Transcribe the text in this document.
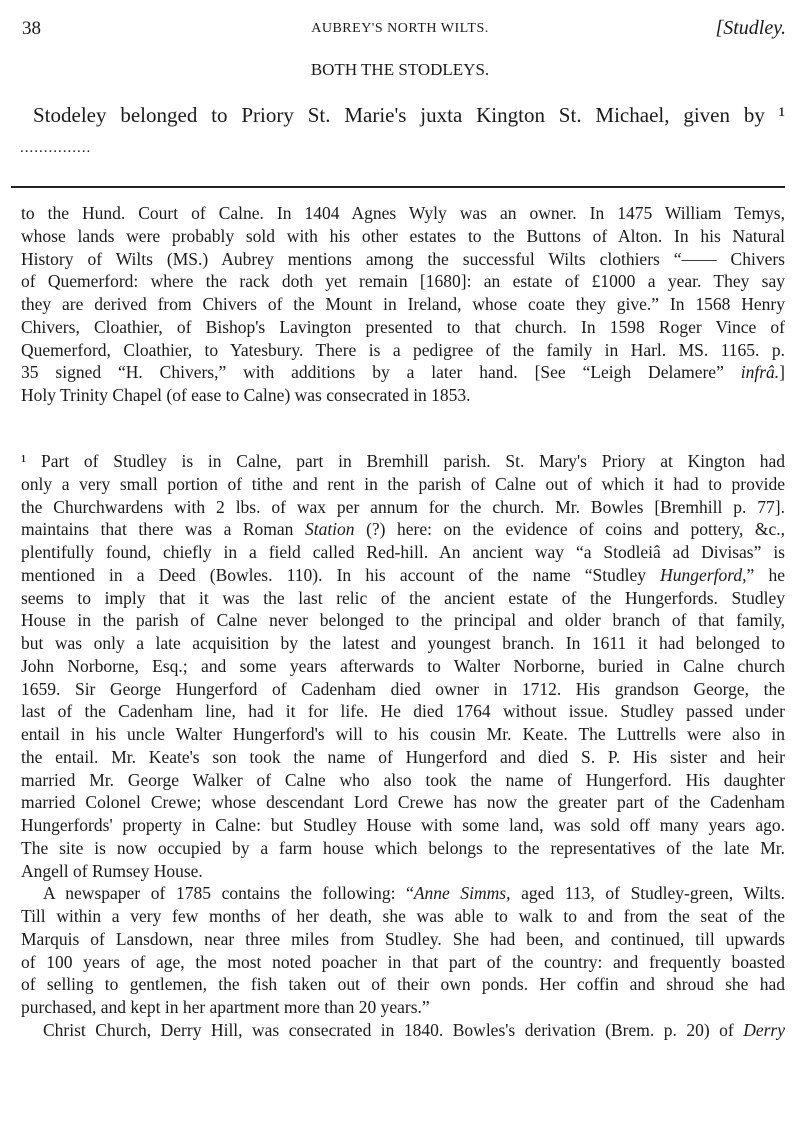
38	AUBREY'S NORTH WILTS.	[Studley.
BOTH THE STODLEYS.
Stodeley belonged to Priory St. Marie's juxta Kington St. Michael, given by ¹
...............
to the Hund. Court of Calne. In 1404 Agnes Wyly was an owner. In 1475 William Temys,
whose lands were probably sold with his other estates to the Buttons of Alton. In his Natural
History of Wilts (MS.) Aubrey mentions among the successful Wilts clothiers “—— Chivers
of Quemerford: where the rack doth yet remain [1680]: an estate of £1000 a year. They say
they are derived from Chivers of the Mount in Ireland, whose coate they give.” In 1568 Henry
Chivers, Cloathier, of Bishop's Lavington presented to that church. In 1598 Roger Vince of
Quemerford, Cloathier, to Yatesbury. There is a pedigree of the family in Harl. MS. 1165. p.
35 signed “H. Chivers,” with additions by a later hand. [See “Leigh Delamere” infrâ.]
Holy Trinity Chapel (of ease to Calne) was consecrated in 1853.
¹ Part of Studley is in Calne, part in Bremhill parish. St. Mary's Priory at Kington had
only a very small portion of tithe and rent in the parish of Calne out of which it had to provide
the Churchwardens with 2 lbs. of wax per annum for the church. Mr. Bowles [Bremhill p. 77].
maintains that there was a Roman Station (?) here: on the evidence of coins and pottery, &c.,
plentifully found, chiefly in a field called Red-hill. An ancient way “a Stodleiâ ad Divisas” is
mentioned in a Deed (Bowles. 110). In his account of the name “Studley Hungerford,” he
seems to imply that it was the last relic of the ancient estate of the Hungerfords. Studley
House in the parish of Calne never belonged to the principal and older branch of that family,
but was only a late acquisition by the latest and youngest branch. In 1611 it had belonged to
John Norborne, Esq.; and some years afterwards to Walter Norborne, buried in Calne church
1659. Sir George Hungerford of Cadenham died owner in 1712. His grandson George, the
last of the Cadenham line, had it for life. He died 1764 without issue. Studley passed under
entail in his uncle Walter Hungerford's will to his cousin Mr. Keate. The Luttrells were also in
the entail. Mr. Keate's son took the name of Hungerford and died S. P. His sister and heir
married Mr. George Walker of Calne who also took the name of Hungerford. His daughter
married Colonel Crewe; whose descendant Lord Crewe has now the greater part of the Cadenham
Hungerfords' property in Calne: but Studley House with some land, was sold off many years ago.
The site is now occupied by a farm house which belongs to the representatives of the late Mr.
Angell of Rumsey House.
A newspaper of 1785 contains the following: “Anne Simms, aged 113, of Studley-green, Wilts.
Till within a very few months of her death, she was able to walk to and from the seat of the
Marquis of Lansdown, near three miles from Studley. She had been, and continued, till upwards
of 100 years of age, the most noted poacher in that part of the country: and frequently boasted
of selling to gentlemen, the fish taken out of their own ponds. Her coffin and shroud she had
purchased, and kept in her apartment more than 20 years.”
Christ Church, Derry Hill, was consecrated in 1840. Bowles's derivation (Brem. p. 20) of Derry
